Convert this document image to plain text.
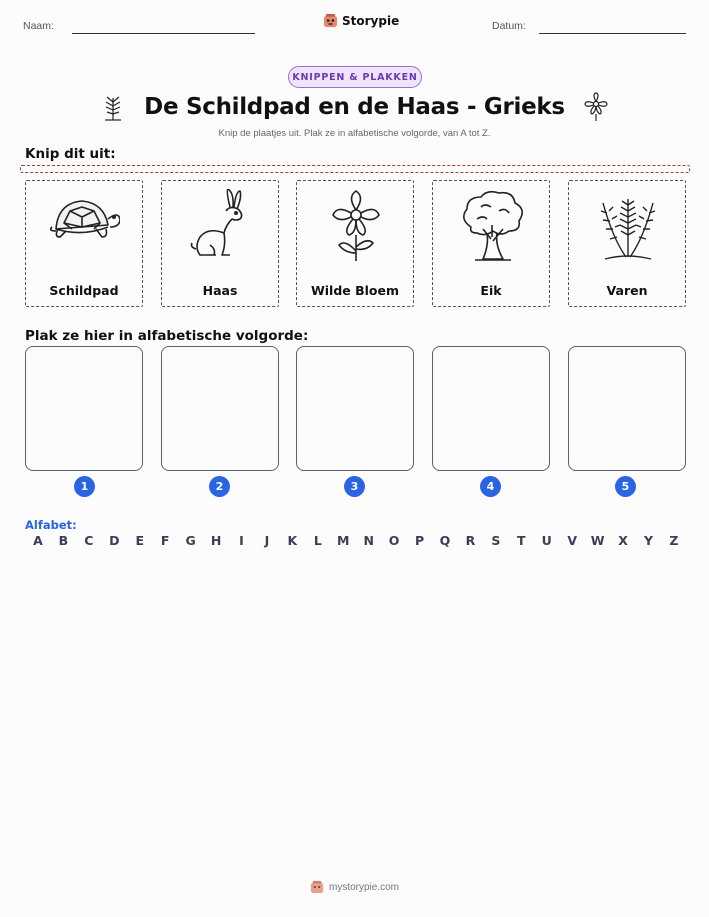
Naam:	Storypie	Datum:
KNIPPEN & PLAKKEN
De Schildpad en de Haas - Grieks
Knip de plaatjes uit. Plak ze in alfabetische volgorde, van A tot Z.
Knip dit uit:
Schildpad	Haas	Wilde Bloem	Eik	Varen
Plak ze hier in alfabetische volgorde:
1	2	3	4	5
Alfabet:
A B C D E F G H	I	J	K L M N O P Q R S T U V W X Y Z
mystorypie.com
